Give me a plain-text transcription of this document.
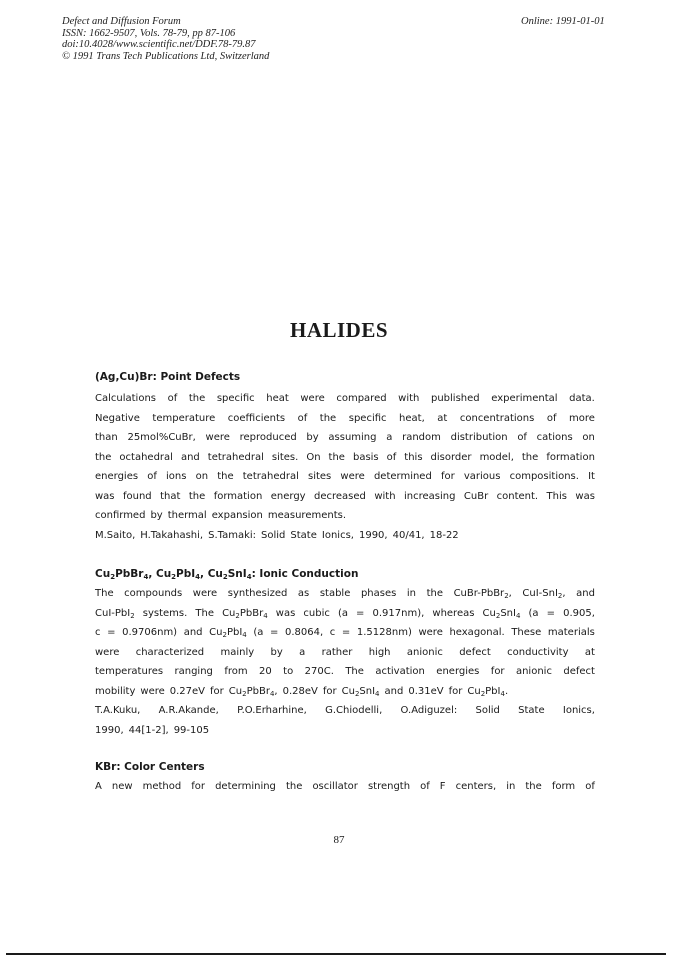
Defect and Diffusion Forum
ISSN: 1662-9507, Vols. 78-79, pp 87-106
doi:10.4028/www.scientific.net/DDF.78-79.87
© 1991 Trans Tech Publications Ltd, Switzerland
Online: 1991-01-01
HALIDES
(Ag,Cu)Br: Point Defects
Calculations of the specific heat were compared with published experimental data.
Negative temperature coefficients of the specific heat, at concentrations of more
than 25mol%CuBr, were reproduced by assuming a random distribution of cations on
the octahedral and tetrahedral sites. On the basis of this disorder model, the formation
energies of ions on the tetrahedral sites were determined for various compositions. It
was found that the formation energy decreased with increasing CuBr content. This was
confirmed by thermal expansion measurements.
M.Saito, H.Takahashi, S.Tamaki: Solid State Ionics, 1990, 40/41, 18-22
$Cu_2PbBr_4$, $Cu_2PbI_4$, $Cu_2SnI_4$: Ionic Conduction
The compounds were synthesized as stable phases in the CuBr-PbBr$_2$, CuI-SnI$_2$, and
CuI-PbI$_2$ systems. The $Cu_2PbBr_4$ was cubic (a = 0.917nm), whereas $Cu_2SnI_4$ (a = 0.905,
c = 0.9706nm) and $Cu_2PbI_4$ (a = 0.8064, c = 1.5128nm) were hexagonal. These materials
were characterized mainly by a rather high anionic defect conductivity at
temperatures ranging from 20 to 270C. The activation energies for anionic defect
mobility were 0.27eV for $Cu_2PbBr_4$, 0.28eV for $Cu_2SnI_4$ and 0.31eV for $Cu_2PbI_4$.
T.A.Kuku, A.R.Akande, P.O.Erharhine, G.Chiodelli, O.Adiguzel: Solid State Ionics,
1990, 44[1-2], 99-105
KBr: Color Centers
A new method for determining the oscillator strength of F centers, in the form of
87
